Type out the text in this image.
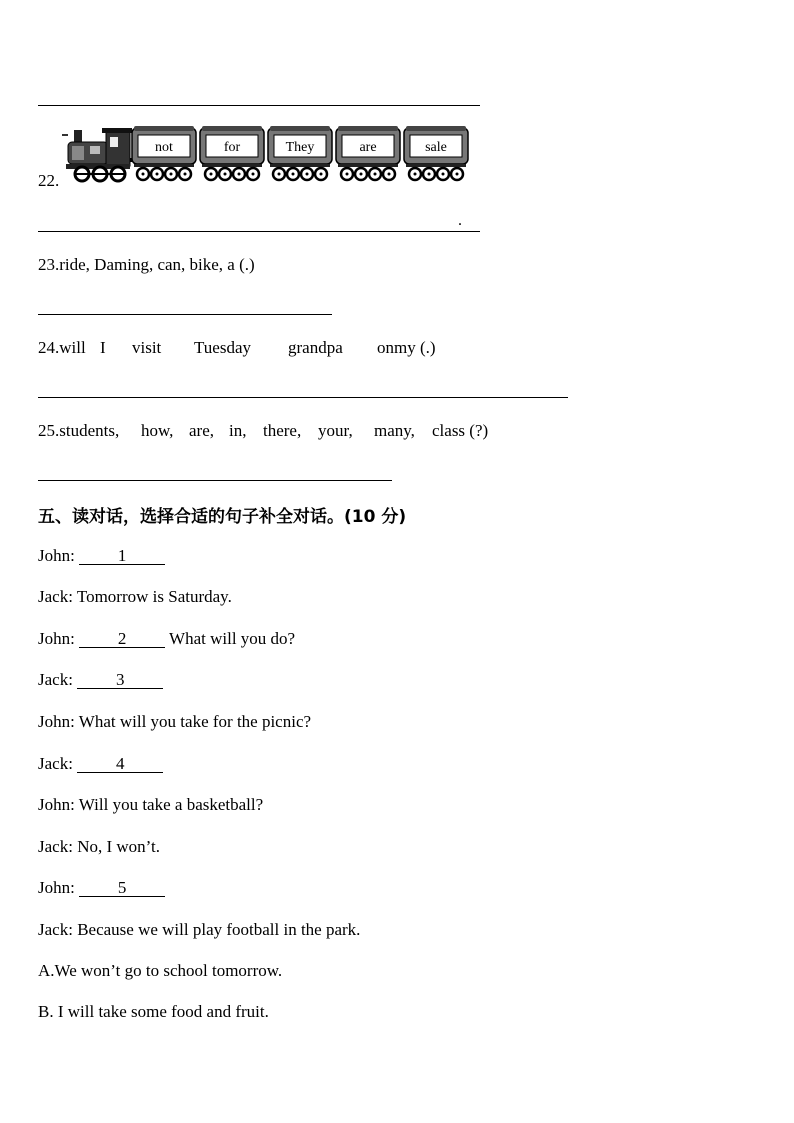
22.
not	for	They	are	sale
.
23.ride, Daming, can, bike, a (.)
24.will I visit Tuesday grandpa onmy (.)
25.students, how, are, in, there, your, many, class (?)
五、读对话，选择合适的句子补全对话。(10 分)
John:	1
Jack: Tomorrow is Saturday.
John:	2	What will you do?
Jack:	3
John: What will you take for the picnic?
Jack:	4
John: Will you take a basketball?
Jack: No, I won’t.
John:	5
Jack: Because we will play football in the park.
A.We won’t go to school tomorrow.
B. I will take some food and fruit.
